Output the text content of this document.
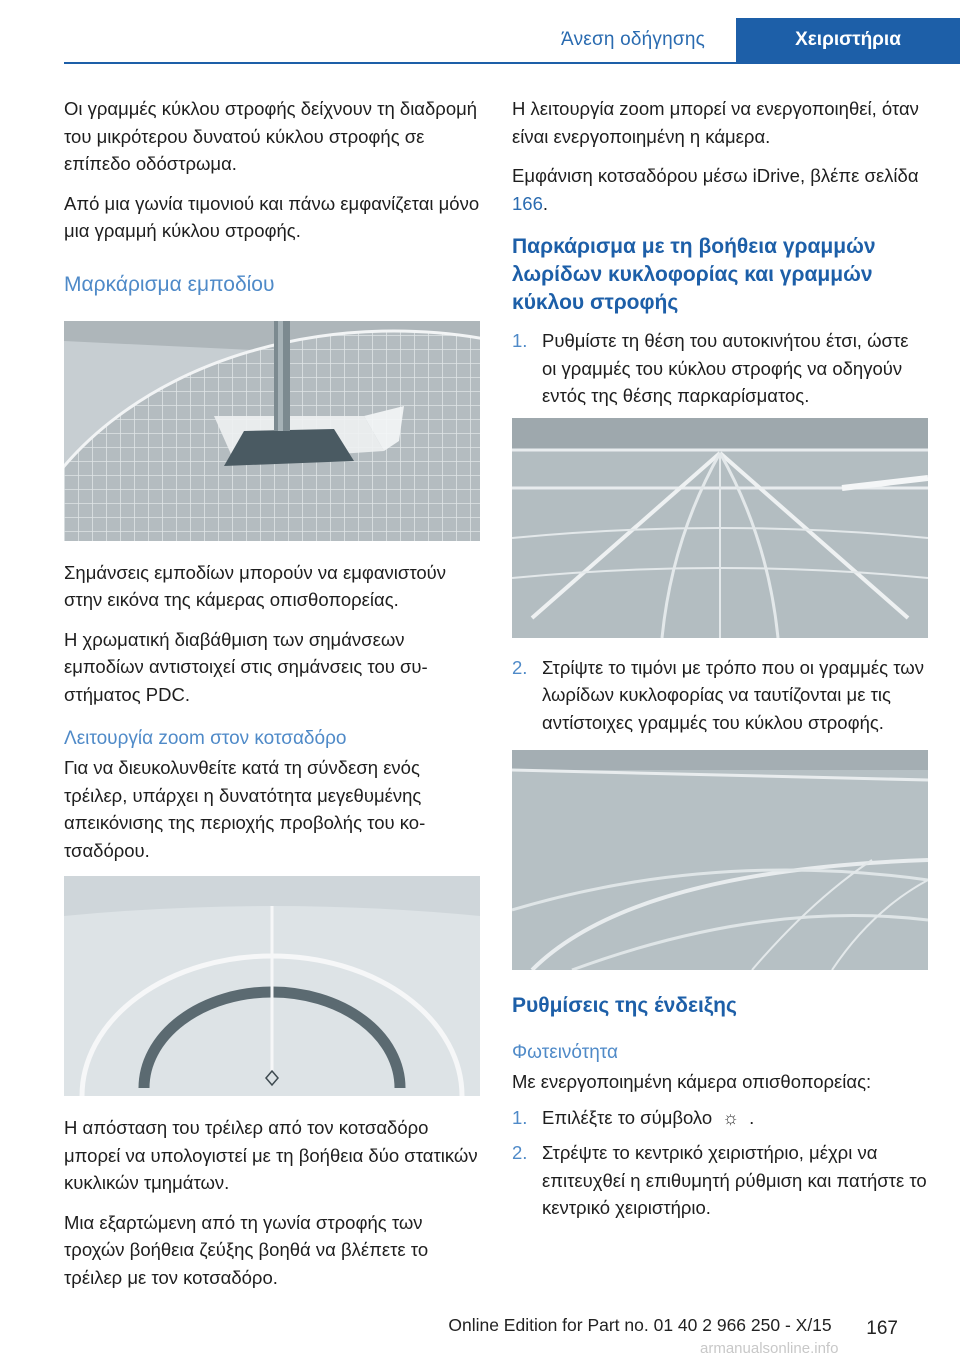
Άνεση οδήγησης	Χειριστήρια

Οι γραμμές κύκλου στροφής δείχνουν τη διαδρομή του μικρότερου δυνατού κύκλου στροφής σε επίπεδο οδόστρωμα.

Από μια γωνία τιμονιού και πάνω εμφανίζεται μόνο μια γραμμή κύκλου στροφής.

Μαρκάρισμα εμποδίου

Σημάνσεις εμποδίων μπορούν να εμφανιστούν στην εικόνα της κάμερας οπισθοπορείας.

Η χρωματική διαβάθμιση των σημάνσεων εμποδίων αντιστοιχεί στις σημάνσεις του συστήματος PDC.

Λειτουργία zoom στον κοτσαδόρο

Για να διευκολυνθείτε κατά τη σύνδεση ενός τρέιλερ, υπάρχει η δυνατότητα μεγεθυμένης απεικόνισης της περιοχής προβολής του κοτσαδόρου.

Η απόσταση του τρέιλερ από τον κοτσαδόρο μπορεί να υπολογιστεί με τη βοήθεια δύο στατικών κυκλικών τμημάτων.

Μια εξαρτώμενη από τη γωνία στροφής των τροχών βοήθεια ζεύξης βοηθά να βλέπετε το τρέιλερ με τον κοτσαδόρο.

Η λειτουργία zoom μπορεί να ενεργοποιηθεί, όταν είναι ενεργοποιημένη η κάμερα.

Εμφάνιση κοτσαδόρου μέσω iDrive, βλέπε σελίδα 166.

Παρκάρισμα με τη βοήθεια γραμμών λωρίδων κυκλοφορίας και γραμμών κύκλου στροφής
1. Ρυθμίστε τη θέση του αυτοκινήτου έτσι, ώστε οι γραμμές του κύκλου στροφής να οδηγούν εντός της θέσης παρκαρίσματος.
2. Στρίψτε το τιμόνι με τρόπο που οι γραμμές των λωρίδων κυκλοφορίας να ταυτίζονται με τις αντίστοιχες γραμμές του κύκλου στροφής.
Ρυθμίσεις της ένδειξης
Φωτεινότητα

Με ενεργοποιημένη κάμερα οπισθοπορείας:

1. Επιλέξτε το σύμβολο ☼ .
2. Στρέψτε το κεντρικό χειριστήριο, μέχρι να επιτευχθεί η επιθυμητή ρύθμιση και πατήστε το κεντρικό χειριστήριο.
Online Edition for Part no. 01 40 2 966 250 - X/15	167
armanualsonline.info
